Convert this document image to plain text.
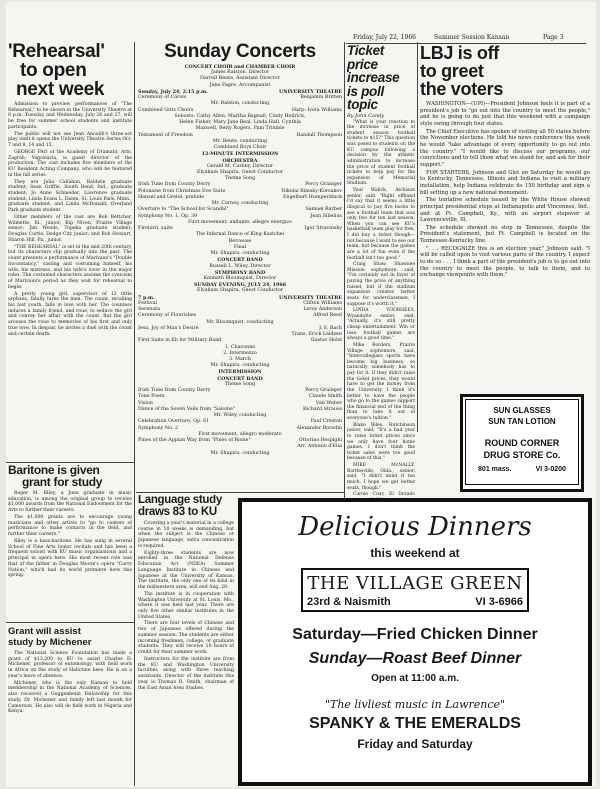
Friday, July 22, 1966	Summer Session Kansan	Page 3
'Rehearsal'
to open
next week

Admission to preview performances of "The Rehearsal," to be shown in the University Theatre at 8 p.m. Tuesday and Wednesday, July 26 and 27, will be free for summer school students and institute participants.

The public will not see Jean Anouilh's three-act play until it opens the University Theatre Series Oct. 7 and 8, 14 and 15.

GEORGE PAO of the Academy of Dramatic Arts, Zagreb, Yugoslavia, is guest director of the production. The cast includes five members of the KU Resident Acting Company, who will be featured in the fall series.

They are Julia Callahan, Baldwin graduate student; Sean Griffin, South Bend, Ind., graduate student; Jo Anne Schneider, Lawrence graduate student; Linda Evans L. Dalen, St. Louis Park, Minn., graduate student; and Linda McDonald, Overland Park graduate student.

Other members of the cast are Bob Bettcher, Wilmette, Ill., junior; Kip Niven, Prairie Village senior; Jim Woods, Topeka graduate student; Douglas Curtis, Dodge City junior; and Bob Stewart, Sharon Hill, Pa., junior.

"THE REHEARSAL" is set in the mid-20th century, but its characters clip gradually into the past. The count presents a performance of Marivaux's "Double Inconstancy," casting and costuming himself, his wife, his mistress, and his wife's lover in the major roles. The costumed characters assume the cynicism of Marivaux's period as they wait for rehearsal to begin.

A pretty young girl, supervisor of 12 little orphans, fatally lures the men. The count, recalling his lost youth, falls in love with her. The countess induces a family friend, and roue, to seduce the girl and convey her affair with the count. But the girl arouses the roue to memories of his first and only true love. In despair, he invites a duel with the count and certain death.

Baritone is given
grant for study

Roger M. Riley, a June graduate in music education, is among the original group to receive $1,000 awards from the National Endowment for the Arts to further their careers.

The $1,000 grants are to encourage young musicians and other artists to "go to centers of performance to make contacts in the field, and further their careers."

Riley is a bass-baritone. He has sung in several School of Fine Arts honor recitals and has been a frequent soloist with KU music organizations and a principal in opera here. His most recent role was that of the father in Douglas Moore's opera "Carry Nation," which had its world premiere here this spring.

Grant will assist
study by Michener

The National Science Foundation has made a grant of $13,200 to KU to assist Charles D. Michener, professor of entomology, with field work in Africa on the study of Halictine bees. He is on a year's leave of absence.

Michener, who is the only Kansan to hold membership in the National Academy of Sciences, also received a Guggenheim Fellowship for this study. Dr. Michener and family left last month for Cameroon. He also will do field work in Nigeria and Kenya.

Sunday Concerts
CONCERT CHOIR and CHAMBER CHOIR
James Ralston, Director
Darrell Bente, Assistant Director
Jane Fagre, Accompanist
Sunday, July 24, 2:15 p.m.	UNIVERSITY THEATRE
Ceremony of Carols	Benjamin Britten
Mr. Ralston, conducting
Combined Girls Choirs	Harp: Iveta Williams
Soloists: Cathy Allen, Martha Bagnall, Cindy Hedrick,
Helen Fisher, Mary Jane Beal, Linda Hall, Cynthia
Maxwell, Betty Rogers, Pam Trimble
Testament of Freedom	Randall Thompson
Mr. Bente, conducting
Combined Boys Choir
12-MINUTE INTERMISSION
ORCHESTRA
Gerald M. Carney, Director
Elyakum Shapira, Guest Conductor
Theme Song
Irish Tune from County Derry	Percy Grainger
Polonaise from Christmas Eve Suite	Nikolai Rimsky-Korsakov
Hansel and Gretel, prelude	Engelbert Humperdinck
Mr. Carney, conducting
Overture to "The School for Scandal"	Samuel Barber
Symphony No. 1, Op. 39	Jean Sibelius
First movement, andante, allegro energico
Firebird, suite	Igor Stravinsky
The Infernal Dance of King Kastchei
Berceuse
Final
Mr. Shapira, conducting
CONCERT BAND
Russell L. Wiley, Director
SYMPHONY BAND
Kenneth Bloomquist, Director
SUNDAY EVENING, JULY 24, 1966
Elyakum Shapira, Guest Conductor
7 p.m.	UNIVERSITY THEATRE
Festival	Clifton Williams
Serenata	Leroy Anderson
Ceremony of Flourishes	Alfred Reed
Mr. Bloomquist, conducting
Jesu, Joy of Man's Desire	J. S. Bach
Trans. Erick Leidzen
First Suite in Eb for Military Band	Gustav Holst
1. Chaconne
2. Intermezzo
3. March
Mr. Shapira, conducting
INTERMISSION
CONCERT BAND
Theme Song
Irish Tune from County Derry	Percy Grainger
Tone Poem	Claude Smith
Vision	Van Weber
Dance of the Seven Veils from "Salome"	Richard Strauss
Mr. Wiley, conducting
Celebration Overture, Op. 61	Paul Creston
Symphony No. 2	Alexander Borodin
First movement, allegro moderato
Pines of the Appian Way from "Pines of Rome"	Ottorino Respighi
Arr. Antonio d'Elia
Mr. Shapira, conducting
Ticket price
increase
is poll topic
By John Candy

"What is your reaction to the increase in price of student season football tickets to $15?" This question was posed to students on the KU campus following a decision by the athletic administration to increase the price of student football tickets to help pay for the expansion of Memorial Stadium.

Paul Walick, Atchison senior, said, "Right offhand I'd say that it seems a little illogical to pay five bucks to see a football team that was only two for ten last season. When you can see KU's basketball team play for free, I did buy a ticket though—not because I want to see our team, but because the games are a lot of fun even if the football isn't too good."

Craig Shaw, Shawnee Mission sophomore, said, "I'm certainly not in favor of paying the price of anything raised, but if the stadium expansion creates better seats for underclassmen, I suppose it's worth it."

LINDA VOORHEES, Wyandotte senior, said, "Actually, it's still pretty cheap entertainment. Win or lose, football games are always a good time."

Mike Borders, Prairie Village sophomore, said, "Intercollegiate sports have become big business, so naturally somebody has to pay for it. If they didn't raise the ticket prices, they would have to get the money from the University. I think it's better to have the people who go to the games support the financial end of the thing than to take it out of everyone's tuition."

Blake Biles, Hutchinson junior, said, "It's a bad year to raise ticket prices since we only have four home games. I don't think the ticket sales were too good because of this."

MIKE McNALLY, Bartlesville, Okla., senior, said, "I didn't mind if too much. I hope we get better seats, though."

Carole Cour, El Dorado

LBJ is off
to greet
the voters

WASHINGTON—(UPI)—President Johnson feels it is part of a president's job to "go out into the country to meet the people," and he is going to do just that this weekend with a campaign style swing through four states.

The Chief Executive has spoken of visiting all 50 states before the November elections. He told his news conference this week he would "take advantage of every opportunity to go out into the country." "I would like to discuss our programs, our convictions and to tell them what we stand for, and ask for their support."

FOR STARTERS, Johnson and Glet on Saturday he would go to Kentucky, Tennessee, Illinois and Indiana to visit a military installation, help Indiana celebrate its 150 birthday and sign a bill setting up a new national monument.

The tentative schedule issued by the White House showed principal presidential stops at Indianapolis and Vincennes, Ind., and at Ft. Campbell, Ky., with an airport stopover at Lawrenceville, Ill.

The schedule showed no stop in Tennessee, despite the President's statement, but Ft. Campbell is located on the Tennessee-Kentucky line.

". . . RECOGNIZE this is an election year," Johnson said. "I will be called upon to visit various parts of the country. I expect to do so . . . I think a part of the president's job is to go out into the country to meet the people, to talk to them, and to exchange viewpoints with them."

SUN GLASSES
SUN TAN LOTION
ROUND CORNER
DRUG STORE Co.
801 mass.	VI 3-0200
Language study
draws 83 to KU

Covering a year's material in a college course in 10 weeks is demanding, but when the subject is the Chinese or Japanese language, extra concentration is required.

Eighty-three students are now enrolled in the National Defense Education Act (NDEA) Summer Language Institute in Chinese and Japanese at the University of Kansas. The institute, the only one of its kind in the midwestern area, will end Aug. 20.

The institute is in cooperation with Washington University at St. Louis, Mo., where it was held last year. There are only five other similar institutes in the United States.

There are four levels of Chinese and two of Japanese offered during the summer session. The students are either incoming freshmen, college, or graduate students. They will receive 10 hours of credit for their summer work.

Instructors for the institute are from the KU and Washington University faculties along with three teaching assistants. Director of the institute this year is Thomas R. Smith, chairman of the East Asian Area Studies.

Delicious Dinners
this weekend at
THE VILLAGE GREEN
23rd & Naismith	VI 3-6966
Saturday—Fried Chicken Dinner
Sunday—Roast Beef Dinner
Open at 11:00 a.m.
"The livliest music in Lawrence"
SPANKY & THE EMERALDS
Friday and Saturday
